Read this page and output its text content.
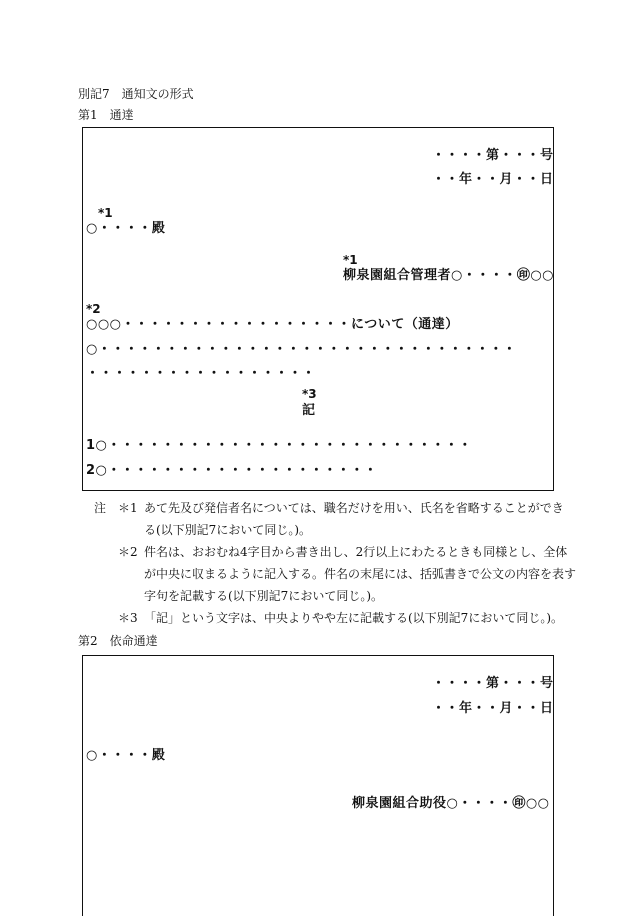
別記7　通知文の形式
第1　通達
・・・・第・・・号
・・年・・月・・日
*1
○・・・・殿
*1
柳泉園組合管理者○・・・・㊞○○
*2
○○○・・・・・・・・・・・・・・・・・について（通達）
○・・・・・・・・・・・・・・・・・・・・・・・・・・・・・・・
・・・・・・・・・・・・・・・・・
*3
記
1○・・・・・・・・・・・・・・・・・・・・・・・・・・・
2○・・・・・・・・・・・・・・・・・・・・
注 ＊1 あて先及び発信者名については、職名だけを用い、氏名を省略することができ
る(以下別記7において同じ。)。
＊2 件名は、おおむね4字目から書き出し、2行以上にわたるときも同様とし、全体
が中央に収まるように記入する。件名の末尾には、括弧書きで公文の内容を表す
字句を記載する(以下別記7において同じ。)。
＊3 「記」という文字は、中央よりやや左に記載する(以下別記7において同じ。)。
第2　依命通達
・・・・第・・・号
・・年・・月・・日
○・・・・殿
柳泉園組合助役○・・・・㊞○○
